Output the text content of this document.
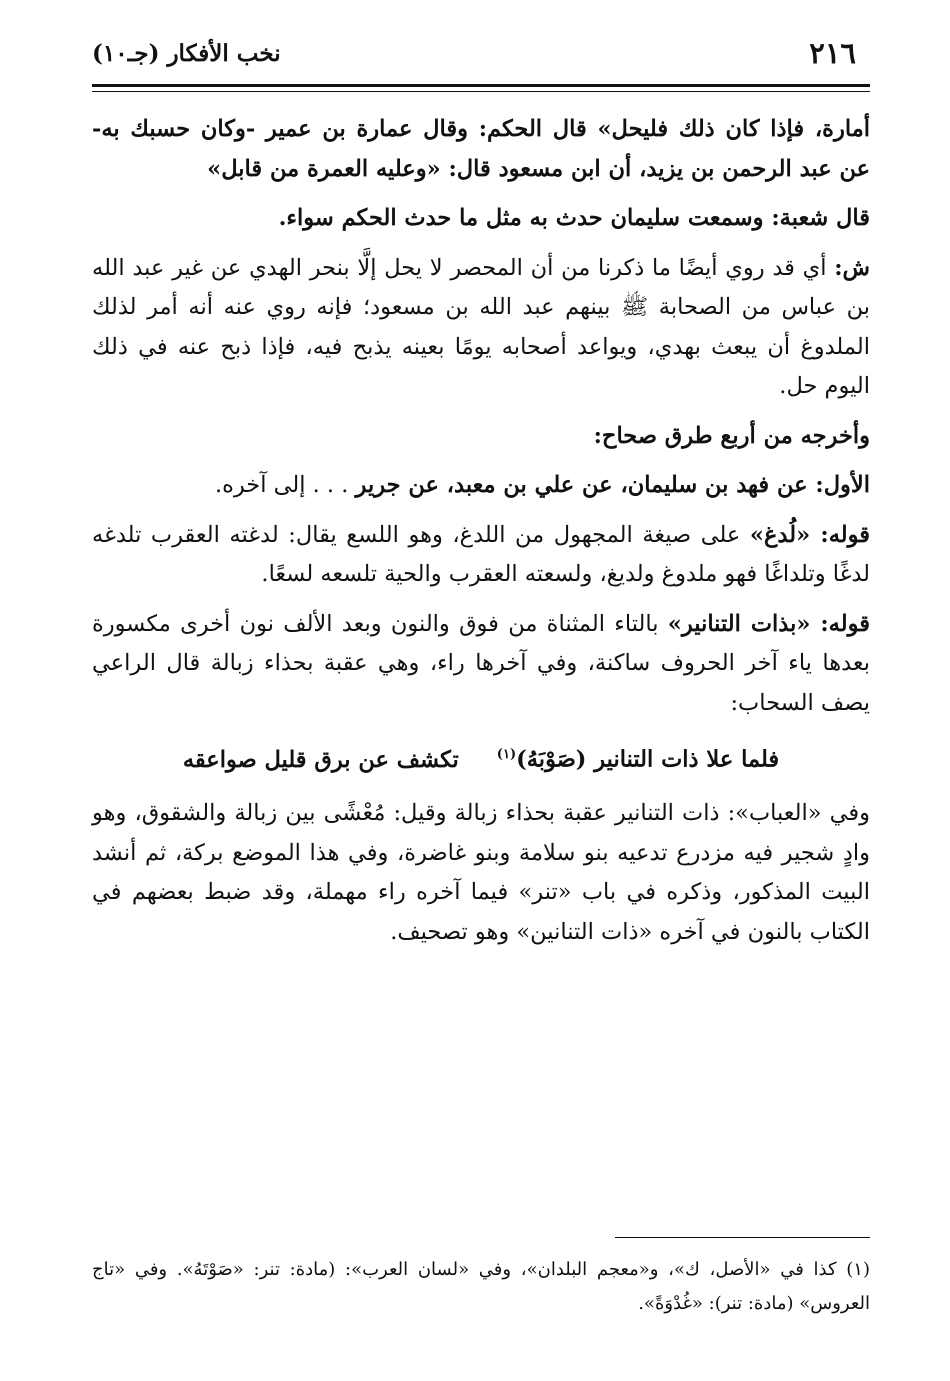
٢١٦
نخب الأفكار (جـ١٠)

أمارة، فإذا كان ذلك فليحل» قال الحكم: وقال عمارة بن عمير -وكان حسبك به- عن عبد الرحمن بن يزيد، أن ابن مسعود قال: «وعليه العمرة من قابل»

قال شعبة: وسمعت سليمان حدث به مثل ما حدث الحكم سواء.

ش: أي قد روي أيضًا ما ذكرنا من أن المحصر لا يحل إلَّا بنحر الهدي عن غير عبد الله بن عباس من الصحابة ﷺ بينهم عبد الله بن مسعود؛ فإنه روي عنه أنه أمر لذلك الملدوغ أن يبعث بهدي، ويواعد أصحابه يومًا بعينه يذبح فيه، فإذا ذبح عنه في ذلك اليوم حل.

وأخرجه من أربع طرق صحاح:

الأول: عن فهد بن سليمان، عن علي بن معبد، عن جرير . . . إلى آخره.

قوله: «لُدغ» على صيغة المجهول من اللدغ، وهو اللسع يقال: لدغته العقرب تلدغه لدغًا وتلداغًا فهو ملدوغ ولديغ، ولسعته العقرب والحية تلسعه لسعًا.

قوله: «بذات التنانير» بالتاء المثناة من فوق والنون وبعد الألف نون أخرى مكسورة بعدها ياء آخر الحروف ساكنة، وفي آخرها راء، وهي عقبة بحذاء زبالة قال الراعي يصف السحاب:

فلما علا ذات التنانير (صَوْبَهُ)$^{(١)}$تكشف عن برق قليل صواعقه

وفي «العباب»: ذات التنانير عقبة بحذاء زبالة وقيل: مُعْشًى بين زبالة والشقوق، وهو وادٍ شجير فيه مزدرع تدعيه بنو سلامة وبنو غاضرة، وفي هذا الموضع بركة، ثم أنشد البيت المذكور، وذكره في باب «تنر» فيما آخره راء مهملة، وقد ضبط بعضهم في الكتاب بالنون في آخره «ذات التنانين» وهو تصحيف.

(١) كذا في «الأصل، ك»، و«معجم البلدان»، وفي «لسان العرب»: (مادة: تنر: «صَوْتَهُ». وفي «تاج العروس» (مادة: تنر): «غُدْوَةً».
